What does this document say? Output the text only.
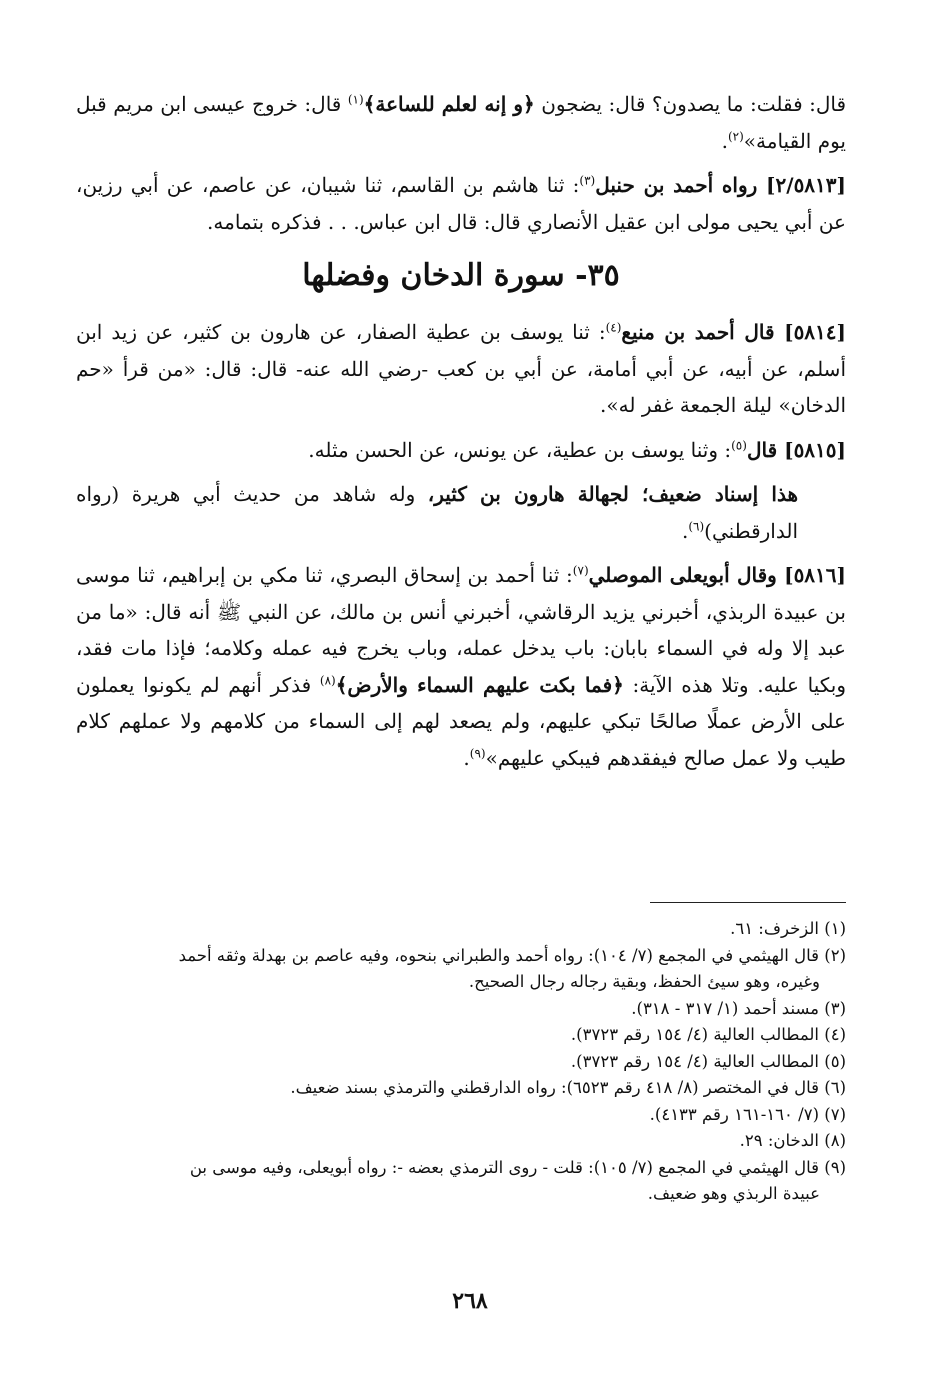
قال: فقلت: ما يصدون؟ قال: يضجون ﴿و إنه لعلم للساعة﴾$^{(١)}$ قال: خروج عيسى ابن مريم قبل يوم القيامة»$^{(٢)}$.

[٢/٥٨١٣] رواه أحمد بن حنبل$^{(٣)}$: ثنا هاشم بن القاسم، ثنا شيبان، عن عاصم، عن أبي رزين، عن أبي يحيى مولى ابن عقيل الأنصاري قال: قال ابن عباس. . . فذكره بتمامه.

٣٥- سورة الدخان وفضلها

[٥٨١٤] قال أحمد بن منيع$^{(٤)}$: ثنا يوسف بن عطية الصفار، عن هارون بن كثير، عن زيد ابن أسلم، عن أبيه، عن أبي أمامة، عن أبي بن كعب -رضي الله عنه- قال: قال: «من قرأ «حم الدخان» ليلة الجمعة غفر له».

[٥٨١٥] قال$^{(٥)}$: وثنا يوسف بن عطية، عن يونس، عن الحسن مثله.

هذا إسناد ضعيف؛ لجهالة هارون بن كثير، وله شاهد من حديث أبي هريرة (رواه الدارقطني)$^{(٦)}$.

[٥٨١٦] وقال أبويعلى الموصلي$^{(٧)}$: ثنا أحمد بن إسحاق البصري، ثنا مكي بن إبراهيم، ثنا موسى بن عبيدة الربذي، أخبرني يزيد الرقاشي، أخبرني أنس بن مالك، عن النبي ﷺ أنه قال: «ما من عبد إلا وله في السماء بابان: باب يدخل عمله، وباب يخرج فيه عمله وكلامه؛ فإذا مات فقد، وبكيا عليه. وتلا هذه الآية: ﴿فما بكت عليهم السماء والأرض﴾$^{(٨)}$ فذكر أنهم لم يكونوا يعملون على الأرض عملًا صالحًا تبكي عليهم، ولم يصعد لهم إلى السماء من كلامهم ولا عملهم كلام طيب ولا عمل صالح فيفقدهم فيبكي عليهم»$^{(٩)}$.

(١) الزخرف: ٦١.

(٢) قال الهيثمي في المجمع (٧/ ١٠٤): رواه أحمد والطبراني بنحوه، وفيه عاصم بن بهدلة وثقه أحمد
وغيره، وهو سيئ الحفظ، وبقية رجاله رجال الصحيح.

(٣) مسند أحمد (١/ ٣١٧ - ٣١٨).

(٤) المطالب العالية (٤/ ١٥٤ رقم ٣٧٢٣).

(٥) المطالب العالية (٤/ ١٥٤ رقم ٣٧٢٣).

(٦) قال في المختصر (٨/ ٤١٨ رقم ٦٥٢٣): رواه الدارقطني والترمذي بسند ضعيف.

(٧) (٧/ ١٦٠-١٦١ رقم ٤١٣٣).

(٨) الدخان: ٢٩.

(٩) قال الهيثمي في المجمع (٧/ ١٠٥): قلت - روى الترمذي بعضه -: رواه أبويعلى، وفيه موسى بن
عبيدة الربذي وهو ضعيف.

٢٦٨
